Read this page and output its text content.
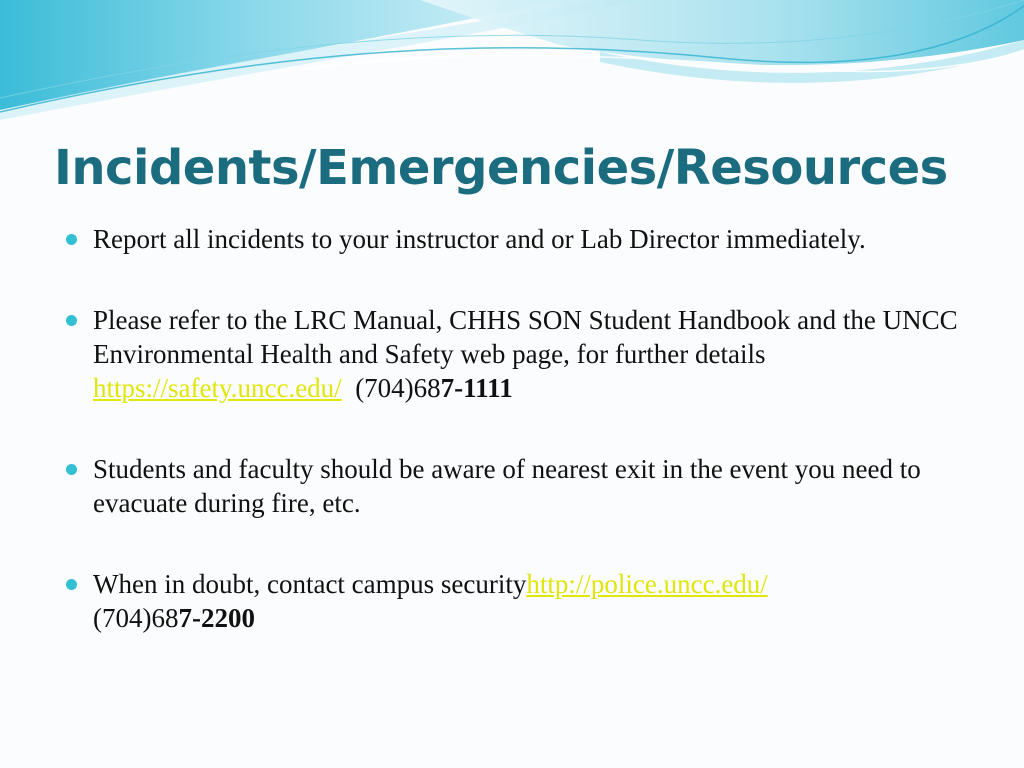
Incidents/Emergencies/Resources
Report all incidents to your instructor and or Lab Director immediately.
Please refer to the LRC Manual, CHHS SON Student Handbook and the UNCC Environmental Health and Safety web page, for further details https://safety.uncc.edu/  (704)687-1111
Students and faculty should be aware of nearest exit in the event you need to evacuate during fire, etc.
When in doubt, contact campus securityhttp://police.uncc.edu/
(704)687-2200
